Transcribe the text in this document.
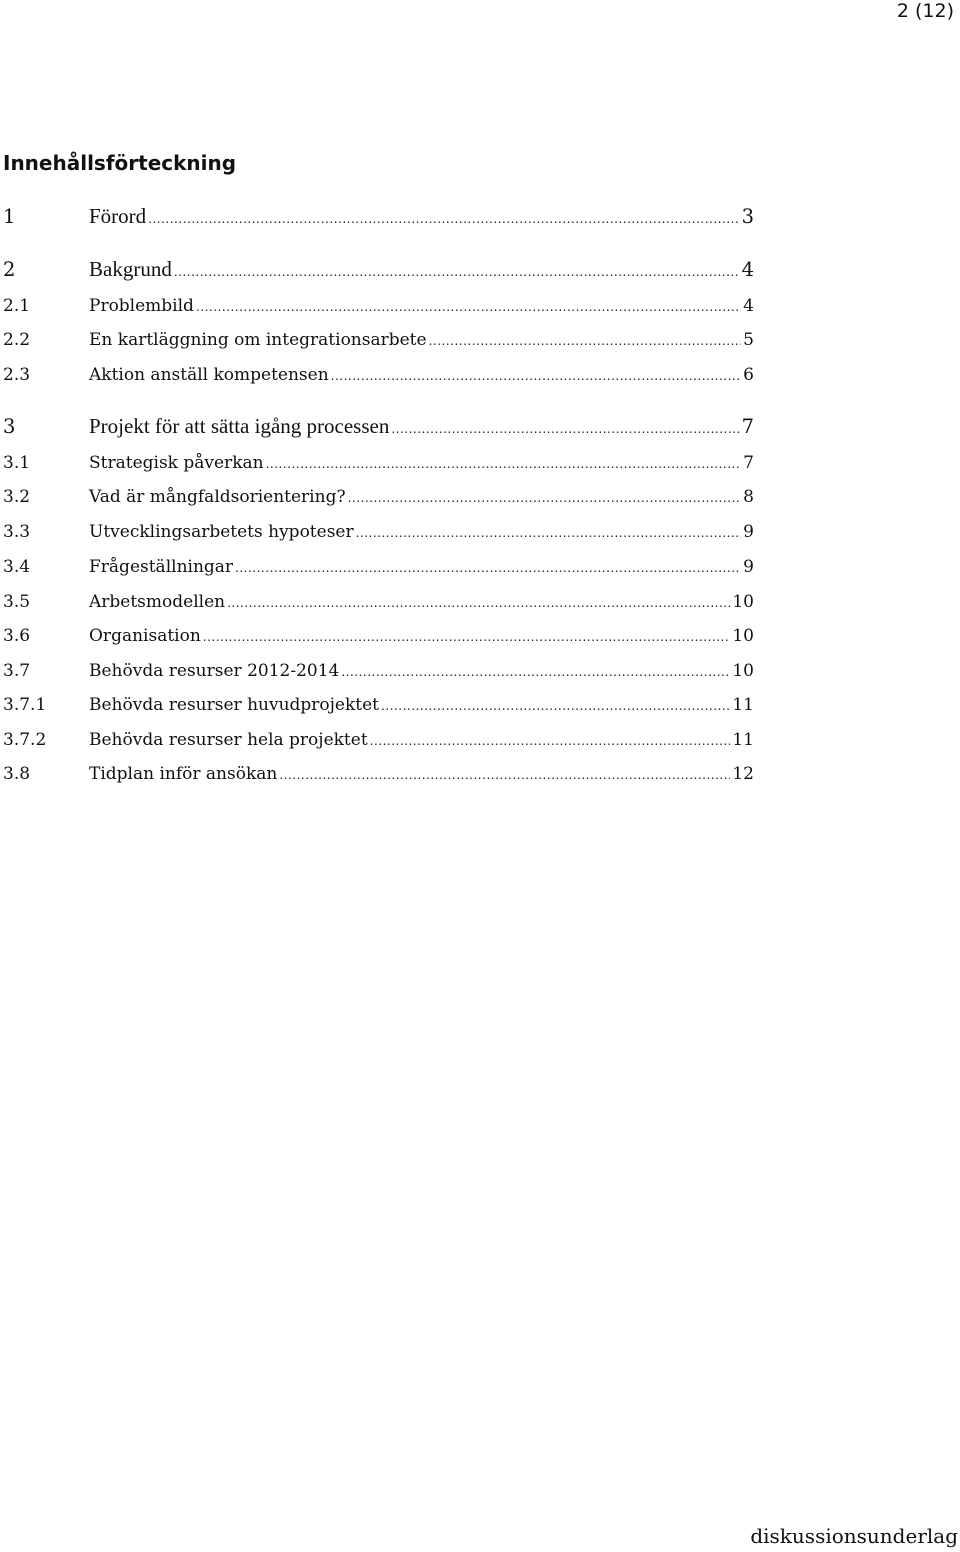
2 (12)
Innehållsförteckning
1	Förord .....	3
2	Bakgrund .....	4
2.1	Problembild .....	4
2.2	En kartläggning om integrationsarbete .....	5
2.3	Aktion anställ kompetensen .....	6
3	Projekt för att sätta igång processen .....	7
3.1	Strategisk påverkan .....	7
3.2	Vad är mångfaldsorientering? .....	8
3.3	Utvecklingsarbetets hypoteser .....	9
3.4	Frågeställningar .....	9
3.5	Arbetsmodellen .....	10
3.6	Organisation .....	10
3.7	Behövda resurser 2012-2014 .....	10
3.7.1	Behövda resurser huvudprojektet .....	11
3.7.2	Behövda resurser hela projektet .....	11
3.8	Tidplan inför ansökan .....	12
diskussionsunderlag
